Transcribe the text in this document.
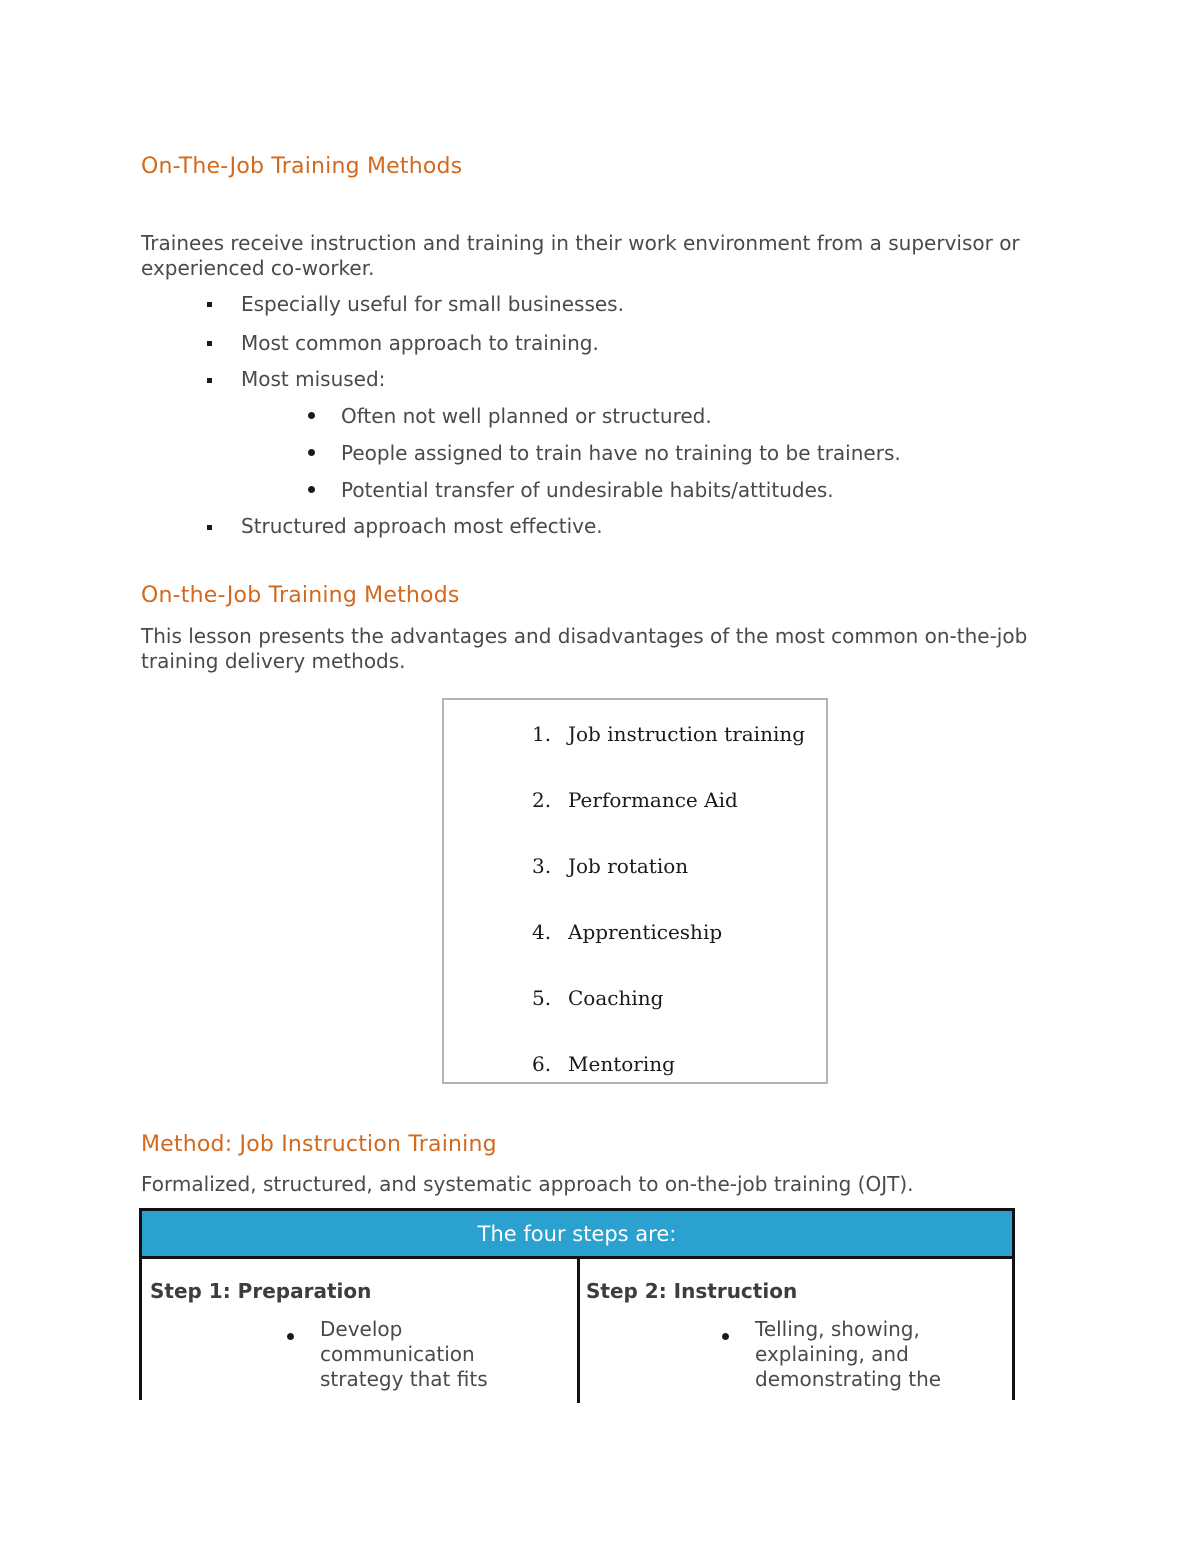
On-The-Job Training Methods

Trainees receive instruction and training in their work environment from a supervisor or
experienced co-worker.

Especially useful for small businesses.
Most common approach to training.
Most misused:
Often not well planned or structured.
People assigned to train have no training to be trainers.
Potential transfer of undesirable habits/attitudes.
Structured approach most effective.
On-the-Job Training Methods

This lesson presents the advantages and disadvantages of the most common on-the-job
training delivery methods.

1. Job instruction training
2. Performance Aid
3. Job rotation
4. Apprenticeship
5. Coaching
6. Mentoring
Method: Job Instruction Training

Formalized, structured, and systematic approach to on-the-job training (OJT).

The four steps are:
Step 1: Preparation
Develop
communication
strategy that fits
Step 2: Instruction
Telling, showing,
explaining, and
demonstrating the
